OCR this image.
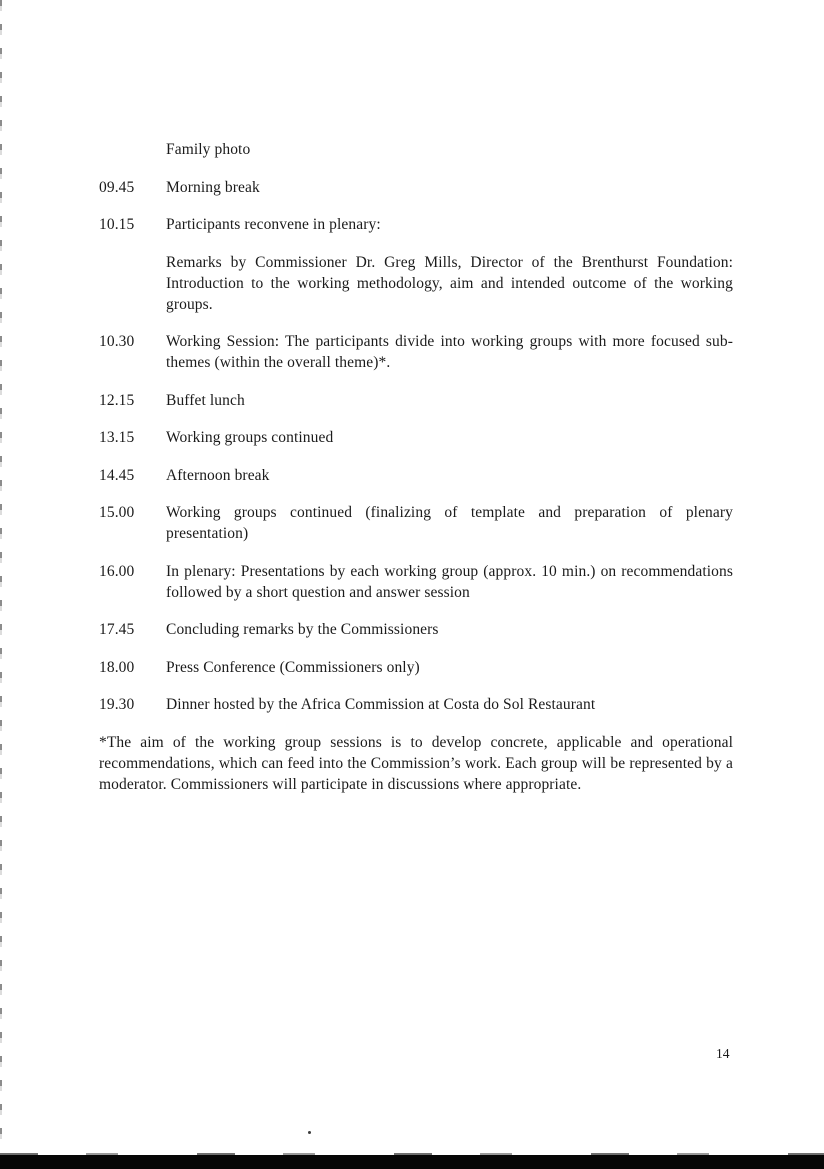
Family photo
09.45	Morning break
10.15	Participants reconvene in plenary:
Remarks by Commissioner Dr. Greg Mills, Director of the Brenthurst Foundation: Introduction to the working methodology, aim and intended outcome of the working groups.
10.30	Working Session: The participants divide into working groups with more focused sub-themes (within the overall theme)*.
12.15	Buffet lunch
13.15	Working groups continued
14.45	Afternoon break
15.00	Working groups continued (finalizing of template and preparation of plenary presentation)
16.00	In plenary: Presentations by each working group (approx. 10 min.) on recommendations followed by a short question and answer session
17.45	Concluding remarks by the Commissioners
18.00	Press Conference (Commissioners only)
19.30	Dinner hosted by the Africa Commission at Costa do Sol Restaurant

*The aim of the working group sessions is to develop concrete, applicable and operational recommendations, which can feed into the Commission’s work. Each group will be represented by a moderator. Commissioners will participate in discussions where appropriate.

14
